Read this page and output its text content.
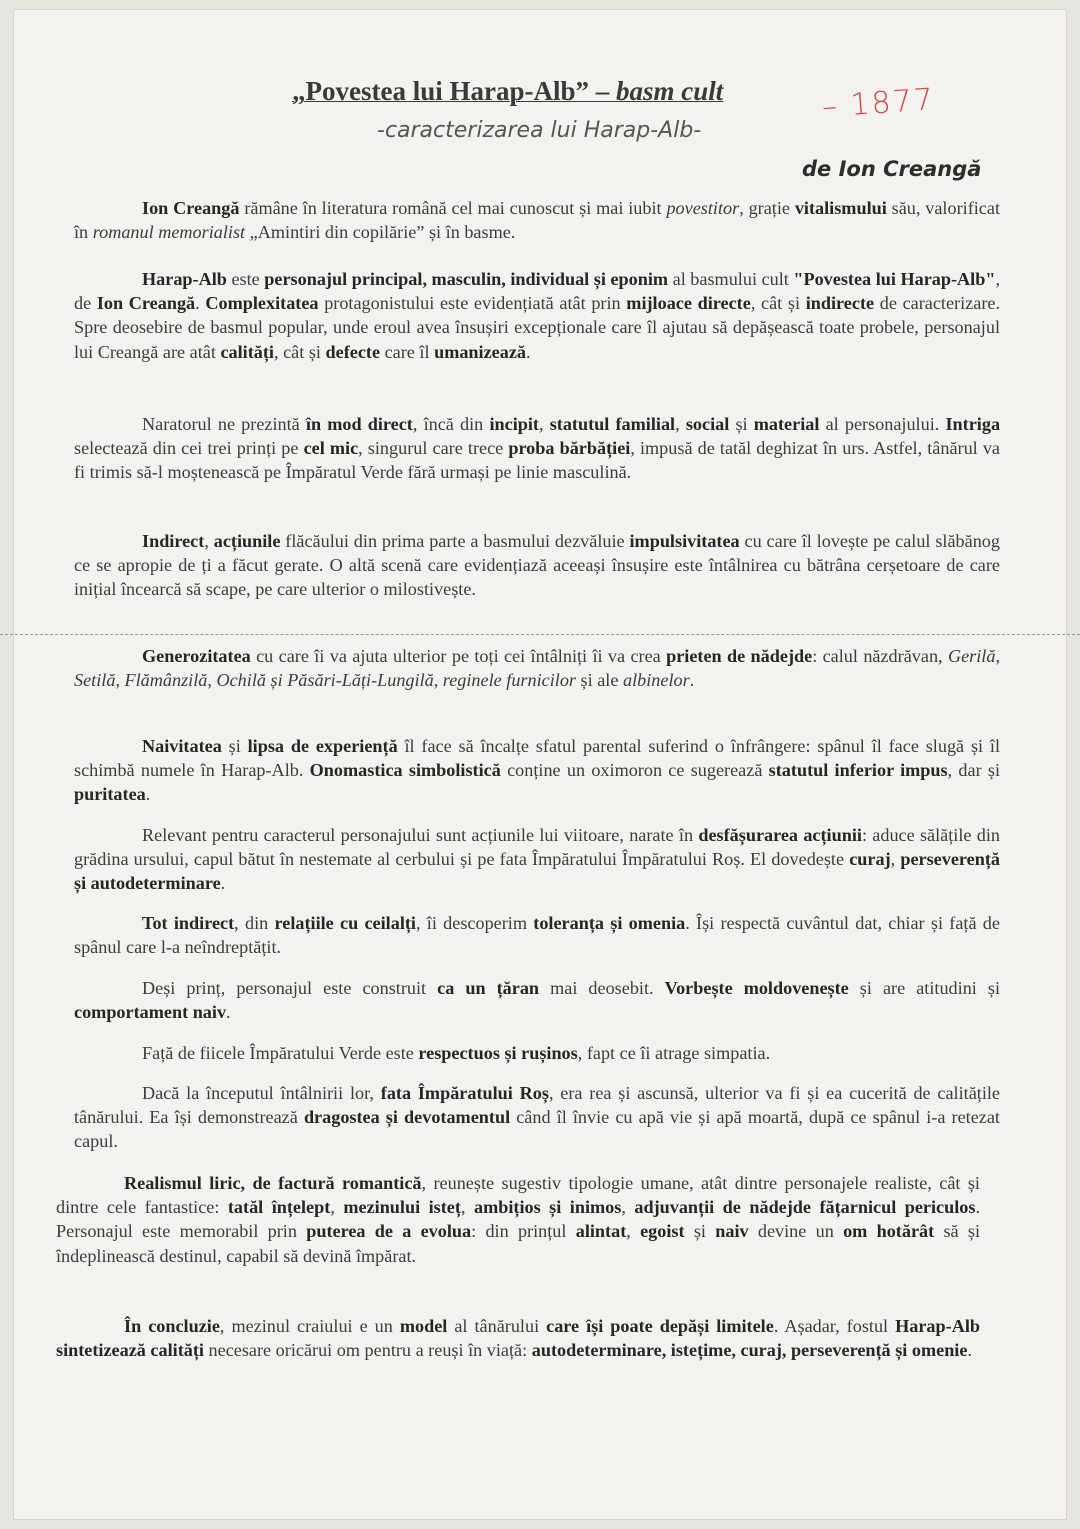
„Povestea lui Harap-Alb” – basm cult	– 1877
-caracterizarea lui Harap-Alb-
de Ion Creangă
Ion Creangă rămâne în literatura română cel mai cunoscut și mai iubit povestitor, grație vitalismului său, valorificat în romanul memorialist „Amintiri din copilărie” și în basme.
Harap-Alb este personajul principal, masculin, individual și eponim al basmului cult "Povestea lui Harap-Alb", de Ion Creangă. Complexitatea protagonistului este evidențiată atât prin mijloace directe, cât și indirecte de caracterizare. Spre deosebire de basmul popular, unde eroul avea însușiri excepționale care îl ajutau să depășească toate probele, personajul lui Creangă are atât calități, cât și defecte care îl umanizează.
Naratorul ne prezintă în mod direct, încă din incipit, statutul familial, social și material al personajului. Intriga selectează din cei trei prinți pe cel mic, singurul care trece proba bărbăției, impusă de tatăl deghizat în urs. Astfel, tânărul va fi trimis să-l moștenească pe Împăratul Verde fără urmași pe linie masculină.
Indirect, acțiunile flăcăului din prima parte a basmului dezvăluie impulsivitatea cu care îl lovește pe calul slăbănog ce se apropie de ți a făcut gerate. O altă scenă care evidențiază aceeași însușire este întâlnirea cu bătrâna cerșetoare de care inițial încearcă să scape, pe care ulterior o milostivește.
Generozitatea cu care îi va ajuta ulterior pe toți cei întâlniți îi va crea prieten de nădejde: calul năzdrăvan, Gerilă, Setilă, Flămânzilă, Ochilă și Păsări-Lăți-Lungilă, reginele furnicilor și ale albinelor.
Naivitatea și lipsa de experiență îl face să încalțe sfatul parental suferind o înfrângere: spânul îl face slugă și îl schimbă numele în Harap-Alb. Onomastica simbolistică conține un oximoron ce sugerează statutul inferior impus, dar și puritatea.
Relevant pentru caracterul personajului sunt acțiunile lui viitoare, narate în desfășurarea acțiunii: aduce sălățile din grădina ursului, capul bătut în nestemate al cerbului și pe fata Împăratului Împăratului Roș. El dovedește curaj, perseverență și autodeterminare.
Tot indirect, din relațiile cu ceilalți, îi descoperim toleranța și omenia. Își respectă cuvântul dat, chiar și față de spânul care l-a neîndreptățit.
Deși prinț, personajul este construit ca un țăran mai deosebit. Vorbește moldovenește și are atitudini și comportament naiv.
Față de fiicele Împăratului Verde este respectuos și rușinos, fapt ce îi atrage simpatia.
Dacă la începutul întâlnirii lor, fata Împăratului Roș, era rea și ascunsă, ulterior va fi și ea cucerită de calitățile tânărului. Ea își demonstrează dragostea și devotamentul când îl învie cu apă vie și apă moartă, după ce spânul i-a retezat capul.
Realismul liric, de factură romantică, reunește sugestiv tipologie umane, atât dintre personajele realiste, cât și dintre cele fantastice: tatăl înțelept, mezinului isteț, ambițios și inimos, adjuvanții de nădejde fățarnicul periculos. Personajul este memorabil prin puterea de a evolua: din prințul alintat, egoist și naiv devine un om hotărât să și îndeplinească destinul, capabil să devină împărat.
În concluzie, mezinul craiului e un model al tânărului care își poate depăși limitele. Așadar, fostul Harap-Alb sintetizează calități necesare oricărui om pentru a reuși în viață: autodeterminare, istețime, curaj, perseverență și omenie.
